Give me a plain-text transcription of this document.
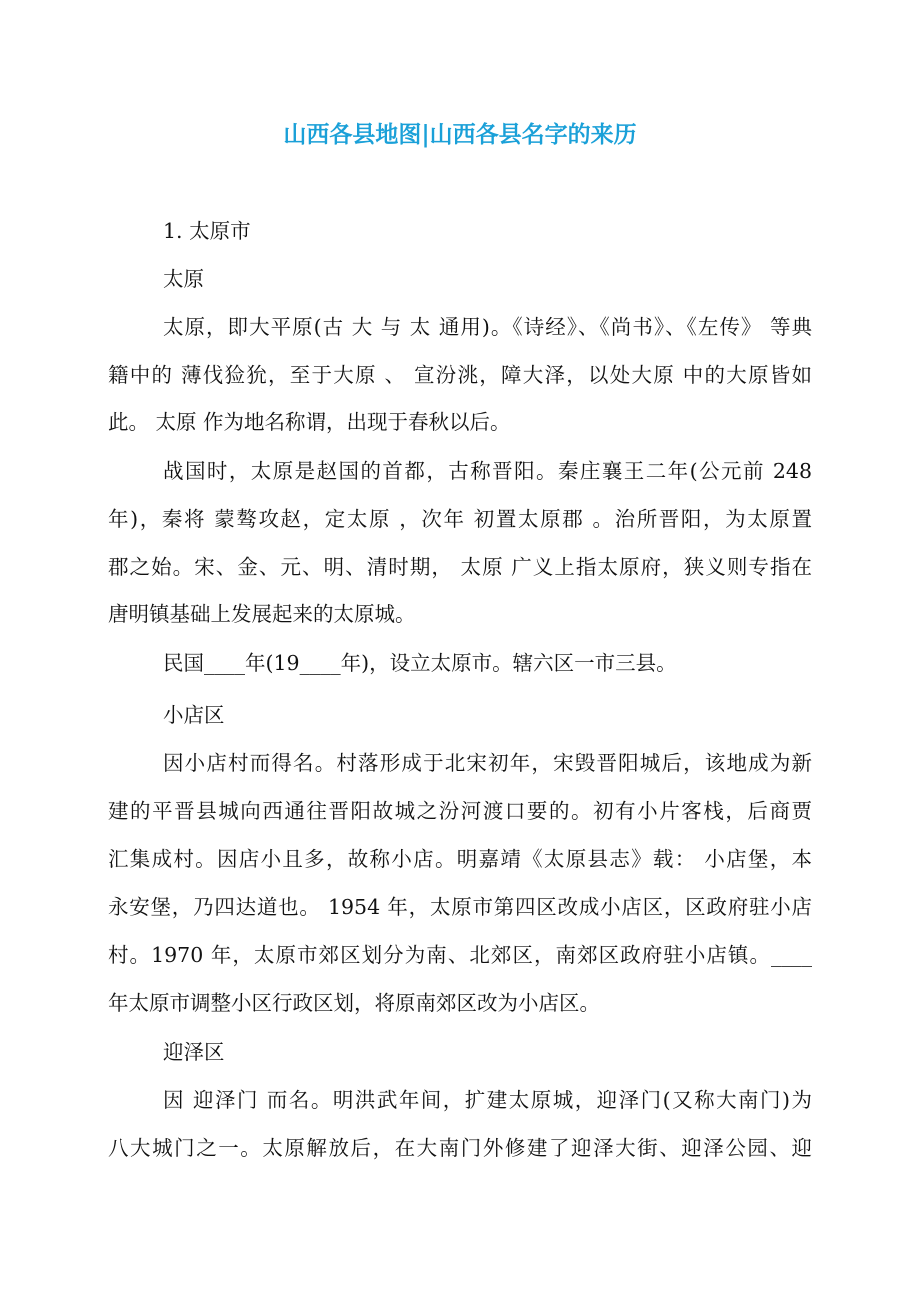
山西各县地图|山西各县名字的来历
1. 太原市
太原
太原，即大平原(古 大 与 太 通用)。《诗经》、《尚书》、《左传》 等典
籍中的 薄伐猃狁，至于大原 、 宣汾洮，障大泽，以处大原 中的大原皆如
此。 太原 作为地名称谓，出现于春秋以后。
战国时，太原是赵国的首都，古称晋阳。秦庄襄王二年(公元前 248
年)，秦将 蒙骜攻赵，定太原 ，次年 初置太原郡 。治所晋阳，为太原置
郡之始。宋、金、元、明、清时期， 太原 广义上指太原府，狭义则专指在
唐明镇基础上发展起来的太原城。
民国____年(19____年)，设立太原市。辖六区一市三县。
小店区
因小店村而得名。村落形成于北宋初年，宋毁晋阳城后，该地成为新
建的平晋县城向西通往晋阳故城之汾河渡口要的。初有小片客栈，后商贾
汇集成村。因店小且多，故称小店。明嘉靖《太原县志》载： 小店堡，本
永安堡，乃四达道也。 1954 年，太原市第四区改成小店区，区政府驻小店
村。1970 年，太原市郊区划分为南、北郊区，南郊区政府驻小店镇。____
年太原市调整小区行政区划，将原南郊区改为小店区。
迎泽区
因 迎泽门 而名。明洪武年间，扩建太原城，迎泽门(又称大南门)为
八大城门之一。太原解放后，在大南门外修建了迎泽大街、迎泽公园、迎
